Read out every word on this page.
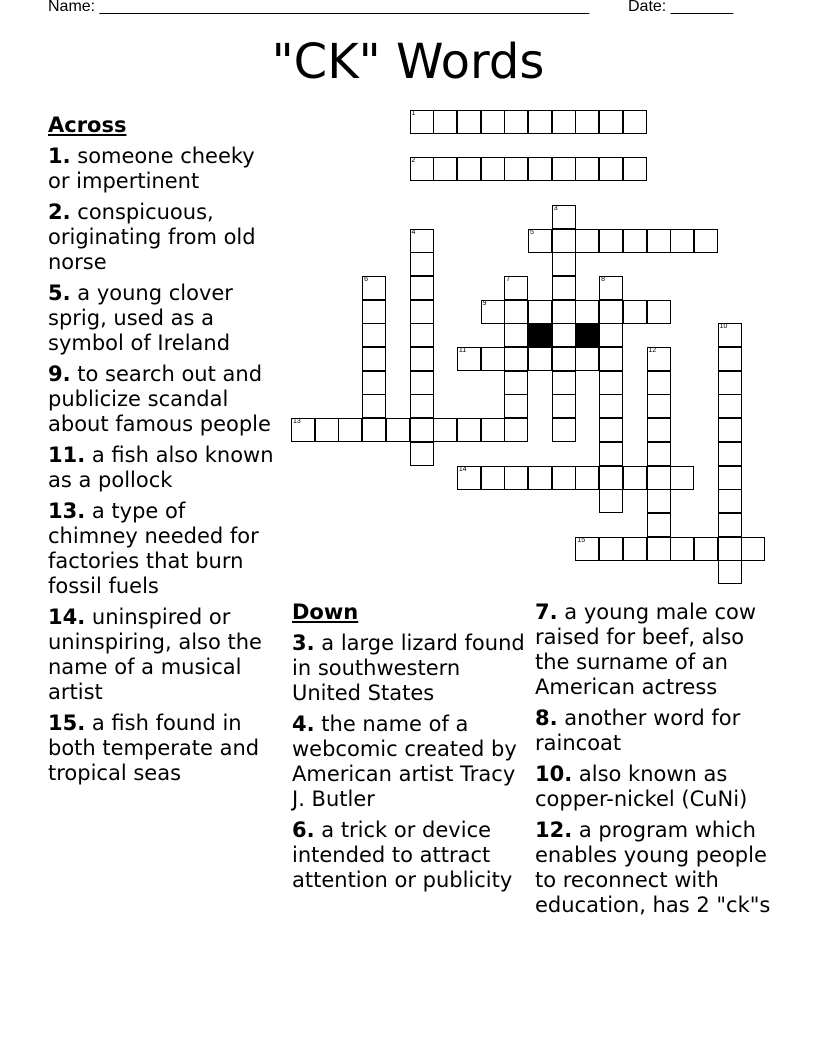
Name: _______________________________________________________ Date: _______
"CK" Words
1
2
3
4	5
6
9
7	8
10
11	12
13
14
15
Across
1. someone cheeky or impertinent
2. conspicuous, originating from old norse
5. a young clover sprig, used as a symbol of Ireland
9. to search out and publicize scandal about famous people
11. a fish also known as a pollock
13. a type of chimney needed for factories that burn fossil fuels
14. uninspired or uninspiring, also the name of a musical artist
15. a fish found in both temperate and tropical seas
Down
3. a large lizard found in southwestern United States
4. the name of a webcomic created by American artist Tracy J. Butler
6. a trick or device intended to attract attention or publicity
7. a young male cow raised for beef, also the surname of an American actress
8. another word for raincoat
10. also known as copper-nickel (CuNi)
12. a program which enables young people to reconnect with education, has 2 "ck"s
